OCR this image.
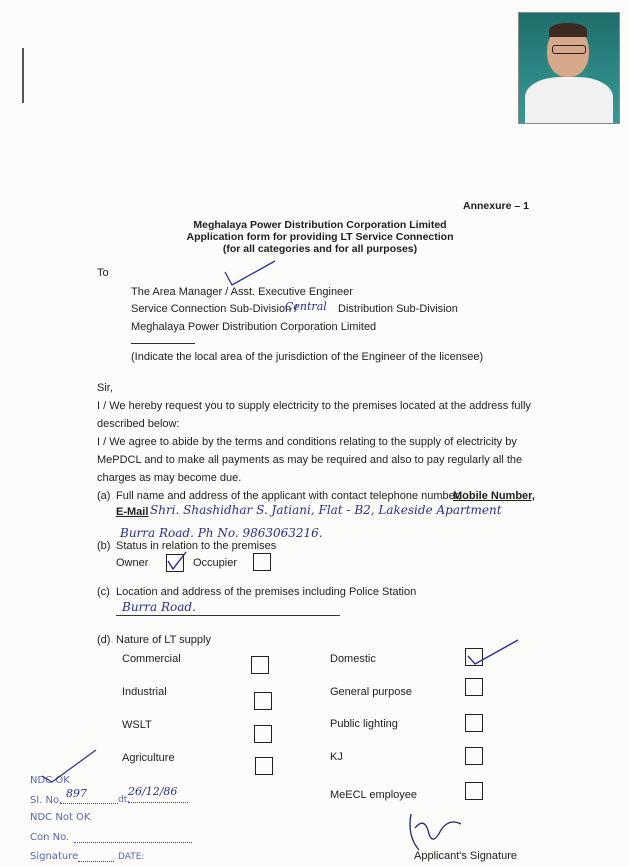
Annexure – 1
Meghalaya Power Distribution Corporation Limited
Application form for providing LT Service Connection
(for all categories and for all purposes)
To
The Area Manager / Asst. Executive Engineer
Service Connection Sub-Division /
Central Distribution Sub-Division
Meghalaya Power Distribution Corporation Limited
(Indicate the local area of the jurisdiction of the Engineer of the licensee)
Sir,
I / We hereby request you to supply electricity to the premises located at the address fully
described below:
I / We agree to abide by the terms and conditions relating to the supply of electricity by
MePDCL and to make all payments as may be required and also to pay regularly all the
charges as may become due.
(a) Full name and address of the applicant with contact telephone number,
Mobile Number,
E-Mail Shri. Shashidhar S. Jatiani, Flat - B2, Lakeside Apartment
Burra Road. Ph No. 9863063216.
(b) Status in relation to the premises
Owner	Occupier
(c) Location and address of the premises including Police Station
Burra Road.
(d) Nature of LT supply
Commercial
Industrial
WSLT
Agriculture
Domestic
General purpose
Public lighting
KJ
MeECL employee
NDC OK
Sl. No.
897	dt.
26/12/86
NDC Not OK
Con No.
Signature	DATE:	Applicant's Signature
